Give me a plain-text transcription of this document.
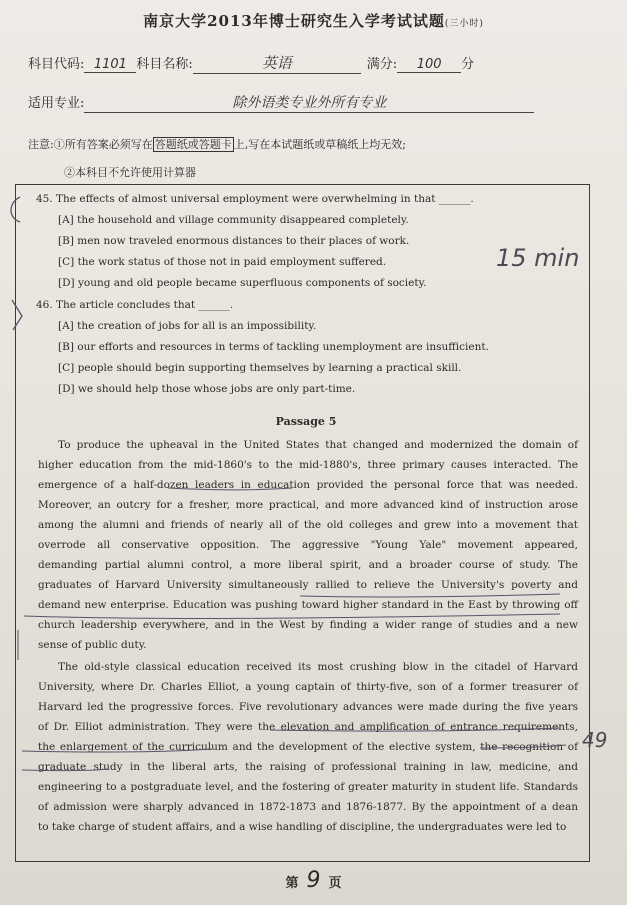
南京大学2013年博士研究生入学考试试题(三小时)
科目代码: 1101 科目名称:	英语	满分: 100 分
适用专业:	除外语类专业外所有专业
注意:①所有答案必须写在 答题纸或答题卡 上,写在本试题纸或草稿纸上均无效;
②本科目不允许使用计算器
45. The effects of almost universal employment were overwhelming in that ______.
[A] the household and village community disappeared completely.
[B] men now traveled enormous distances to their places of work.
[C] the work status of those not in paid employment suffered.
[D] young and old people became superfluous components of society.
46. The article concludes that ______.
[A] the creation of jobs for all is an impossibility.
[B] our efforts and resources in terms of tackling unemployment are insufficient.
[C] people should begin supporting themselves by learning a practical skill.
[D] we should help those whose jobs are only part-time.
Passage 5
To produce the upheaval in the United States that changed and modernized the domain of
higher education from the mid-1860's to the mid-1880's, three primary causes interacted. The
emergence of a half-dozen leaders in education provided the personal force that was needed.
Moreover, an outcry for a fresher, more practical, and more advanced kind of instruction arose
among the alumni and friends of nearly all of the old colleges and grew into a movement that
overrode all conservative opposition. The aggressive "Young Yale" movement appeared,
demanding partial alumni control, a more liberal spirit, and a broader course of study. The
graduates of Harvard University simultaneously rallied to relieve the University's poverty and
demand new enterprise. Education was pushing toward higher standard in the East by throwing off
church leadership everywhere, and in the West by finding a wider range of studies and a new
sense of public duty.
The old-style classical education received its most crushing blow in the citadel of Harvard
University, where Dr. Charles Elliot, a young captain of thirty-five, son of a former treasurer of
Harvard led the progressive forces. Five revolutionary advances were made during the five years
of Dr. Elliot administration. They were the elevation and amplification of entrance requirements,
the enlargement of the curriculum and the development of the elective system, the recognition of
graduate study in the liberal arts, the raising of professional training in law, medicine, and
engineering to a postgraduate level, and the fostering of greater maturity in student life. Standards
of admission were sharply advanced in 1872-1873 and 1876-1877. By the appointment of a dean
to take charge of student affairs, and a wise handling of discipline, the undergraduates were led to
15 min
49
第 9 页
